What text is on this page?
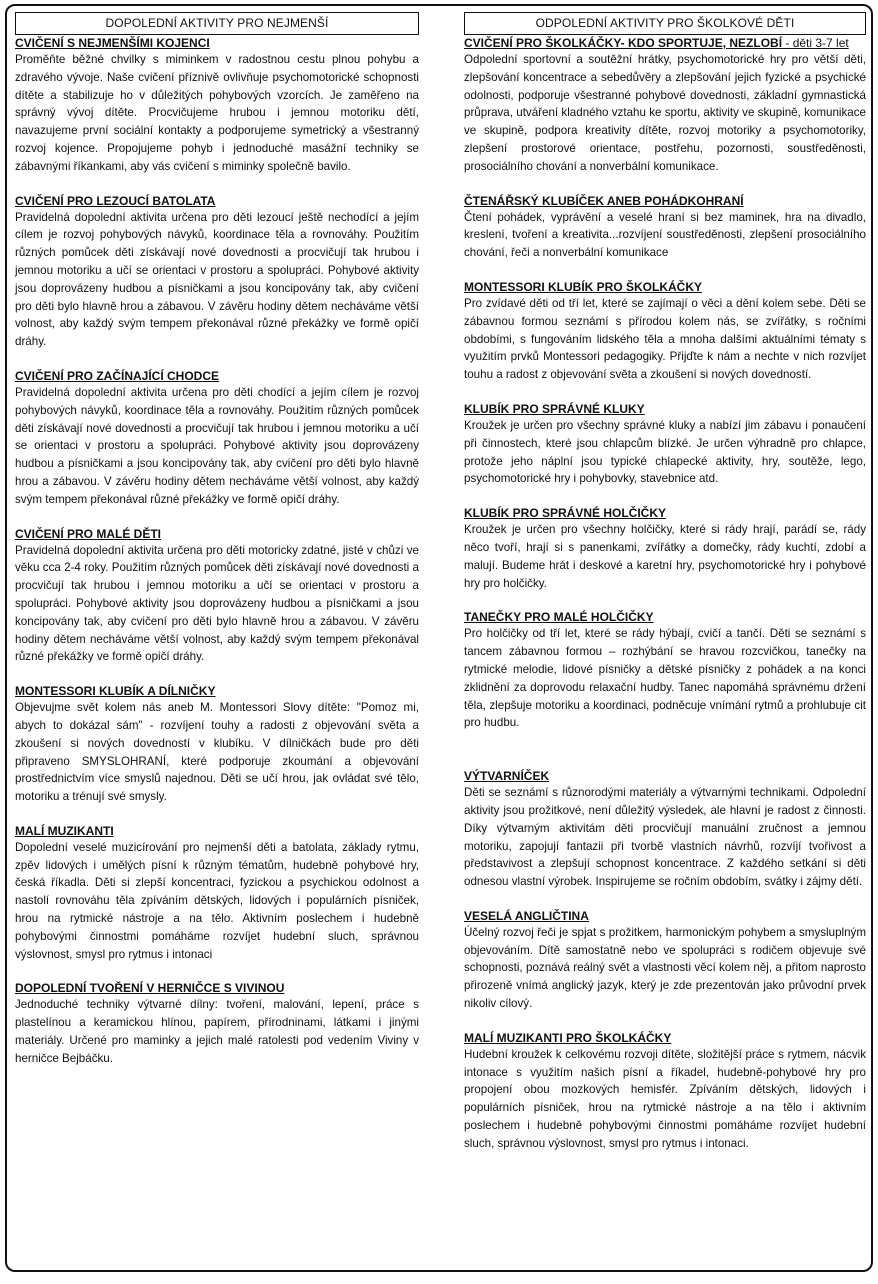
DOPOLEDNÍ AKTIVITY PRO NEJMENŠÍ
CVIČENÍ S NEJMENŠÍMI KOJENCI
Proměňte běžné chvilky s miminkem v radostnou cestu plnou pohybu a zdravého vývoje. Naše cvičení příznivě ovlivňuje psychomotorické schopnosti dítěte a stabilizuje ho v důležitých pohybových vzorcích. Je zaměřeno na správný vývoj dítěte. Procvičujeme hrubou i jemnou motoriku dětí, navazujeme první sociální kontakty a podporujeme symetrický a všestranný rozvoj kojence. Propojujeme pohyb i jednoduché masážní techniky se zábavnými říkankami, aby vás cvičení s miminky společně bavilo.
CVIČENÍ PRO LEZOUCÍ BATOLATA
Pravidelná dopolední aktivita určena pro děti lezoucí ještě nechodící a jejím cílem je rozvoj pohybových návyků, koordinace těla a rovnováhy. Použitím různých pomůcek děti získávají nové dovednosti a procvičují tak hrubou i jemnou motoriku a učí se orientaci v prostoru a spolupráci. Pohybové aktivity jsou doprovázeny hudbou a písničkami a jsou koncipovány tak, aby cvičení pro děti bylo hlavně hrou a zábavou. V závěru hodiny dětem necháváme větší volnost, aby každý svým tempem překonával různé překážky ve formě opičí dráhy.
CVIČENÍ PRO ZAČÍNAJÍCÍ CHODCE
Pravidelná dopolední aktivita určena pro děti chodící a jejím cílem je rozvoj pohybových návyků, koordinace těla a rovnováhy. Použitím různých pomůcek děti získávají nové dovednosti a procvičují tak hrubou i jemnou motoriku a učí se orientaci v prostoru a spolupráci. Pohybové aktivity jsou doprovázeny hudbou a písničkami a jsou koncipovány tak, aby cvičení pro děti bylo hlavně hrou a zábavou. V závěru hodiny dětem necháváme větší volnost, aby každý svým tempem překonával různé překážky ve formě opičí dráhy.
CVIČENÍ PRO MALÉ DĚTI
Pravidelná dopolední aktivita určena pro děti motoricky zdatné, jisté v chůzi ve věku cca 2-4 roky. Použitím různých pomůcek děti získávají nové dovednosti a procvičují tak hrubou i jemnou motoriku a učí se orientaci v prostoru a spolupráci. Pohybové aktivity jsou doprovázeny hudbou a písničkami a jsou koncipovány tak, aby cvičení pro děti bylo hlavně hrou a zábavou. V závěru hodiny dětem necháváme větší volnost, aby každý svým tempem překonával různé překážky ve formě opičí dráhy.
MONTESSORI KLUBÍK A DÍLNIČKY
Objevujme svět kolem nás aneb M. Montessori Slovy dítěte: "Pomoz mi, abych to dokázal sám" - rozvíjení touhy a radosti z objevování světa a zkoušení si nových dovedností v klubíku. V dílničkách bude pro děti připraveno SMYSLOHRANÍ, které podporuje zkoumání a objevování prostřednictvím více smyslů najednou. Děti se učí hrou, jak ovládat své tělo, motoriku a trénují své smysly.
MALÍ MUZIKANTI
Dopolední veselé muzicírování pro nejmenší děti a batolata, základy rytmu, zpěv lidových i umělých písní k různým tématům, hudebně pohybové hry, česká říkadla. Děti si zlepší koncentraci, fyzickou a psychickou odolnost a nastolí rovnováhu těla zpíváním dětských, lidových i populárních písniček, hrou na rytmické nástroje a na tělo. Aktivním poslechem i hudebně pohybovými činnostmi pomáháme rozvíjet hudební sluch, správnou výslovnost, smysl pro rytmus i intonaci
DOPOLEDNÍ TVOŘENÍ V HERNIČCE S VIVINOU
Jednoduché techniky výtvarné dílny: tvoření, malování, lepení, práce s plastelínou a keramickou hlínou, papírem, přírodninami, látkami i jinými materiály. Určené pro maminky a jejich malé ratolesti pod vedením Viviny v herničce Bejbáčku.
ODPOLEDNÍ AKTIVITY PRO ŠKOLKOVÉ DĚTI
CVIČENÍ PRO ŠKOLKÁČKY- KDO SPORTUJE, NEZLOBÍ - děti 3-7 let
Odpolední sportovní a soutěžní hrátky, psychomotorické hry pro větší děti, zlepšování koncentrace a sebedůvěry a zlepšování jejich fyzické a psychické odolnosti, podporuje všestranné pohybové dovednosti, základní gymnastická průprava, utváření kladného vztahu ke sportu, aktivity ve skupině, komunikace ve skupině, podpora kreativity dítěte, rozvoj motoriky a psychomotoriky, zlepšení prostorové orientace, postřehu, pozornosti, soustředěnosti, prosociálního chování a nonverbální komunikace.
ČTENÁŘSKÝ KLUBÍČEK ANEB POHÁDKOHRANÍ
Čtení pohádek, vyprávění a veselé hraní si bez maminek, hra na divadlo, kreslení, tvoření a kreativita...rozvíjení soustředěnosti, zlepšení prosociálního chování, řeči a nonverbální komunikace
MONTESSORI KLUBÍK PRO ŠKOLKÁČKY
Pro zvídavé děti od tří let, které se zajímají o věci a dění kolem sebe. Děti se zábavnou formou seznámí s přírodou kolem nás, se zvířátky, s ročními obdobími, s fungováním lidského těla a mnoha dalšími aktuálními tématy s využitím prvků Montessori pedagogiky. Přijďte k nám a nechte v nich rozvíjet touhu a radost z objevování světa a zkoušení si nových dovedností.
KLUBÍK PRO SPRÁVNÉ KLUKY
Kroužek je určen pro všechny správné kluky a nabízí jim zábavu i ponaučení při činnostech, které jsou chlapcům blízké. Je určen výhradně pro chlapce, protože jeho náplní jsou typické chlapecké aktivity, hry, soutěže, lego, psychomotorické hry i pohybovky, stavebnice atd.
KLUBÍK PRO SPRÁVNÉ HOLČIČKY
Kroužek je určen pro všechny holčičky, které si rády hrají, parádí se, rády něco tvoří, hrají si s panenkami, zvířátky a domečky, rády kuchtí, zdobí a malují. Budeme hrát i deskové a karetní hry, psychomotorické hry i pohybové hry pro holčičky.
TANEČKY PRO MALÉ HOLČIČKY
Pro holčičky od tří let, které se rády hýbají, cvičí a tančí. Děti se seznámí s tancem zábavnou formou – rozhýbání se hravou rozcvičkou, tanečky na rytmické melodie, lidové písničky a dětské písničky z pohádek a na konci zklidnění za doprovodu relaxační hudby. Tanec napomáhá správnému držení těla, zlepšuje motoriku a koordinaci, podněcuje vnímání rytmů a prohlubuje cit pro hudbu.
VÝTVARNÍČEK
Děti se seznámí s různorodými materiály a výtvarnými technikami. Odpolední aktivity jsou prožitkové, není důležitý výsledek, ale hlavní je radost z činnosti. Díky výtvarným aktivitám děti procvičují manuální zručnost a jemnou motoriku, zapojují fantazii při tvorbě vlastních návrhů, rozvíjí tvořivost a představivost a zlepšují schopnost koncentrace. Z každého setkání si děti odnesou vlastní výrobek. Inspirujeme se ročním obdobím, svátky i zájmy dětí.
VESELÁ ANGLIČTINA
Účelný rozvoj řeči je spjat s prožitkem, harmonickým pohybem a smysluplným objevováním. Dítě samostatně nebo ve spolupráci s rodičem objevuje své schopnosti, poznává reálný svět a vlastnosti věcí kolem něj, a přitom naprosto přirozeně vnímá anglický jazyk, který je zde prezentován jako průvodní prvek nikoliv cílový.
MALÍ MUZIKANTI PRO ŠKOLKÁČKY
Hudební kroužek k celkovému rozvoji dítěte, složitější práce s rytmem, nácvik intonace s využitím našich písní a říkadel, hudebně-pohybové hry pro propojení obou mozkových hemisfér. Zpíváním dětských, lidových i populárních písniček, hrou na rytmické nástroje a na tělo i aktivním poslechem i hudebně pohybovými činnostmi pomáháme rozvíjet hudební sluch, správnou výslovnost, smysl pro rytmus i intonaci.
